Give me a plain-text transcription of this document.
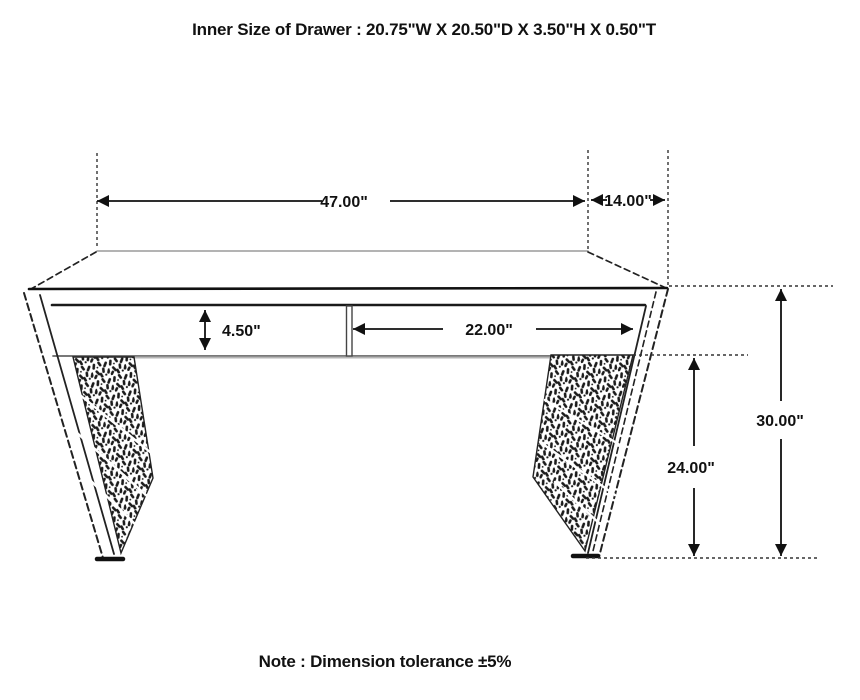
Inner Size of Drawer : 20.75"W X 20.50"D X 3.50"H X 0.50"T
47.00"	14.00"
4.50"	22.00"
24.00"
30.00"
Note : Dimension tolerance ±5%
